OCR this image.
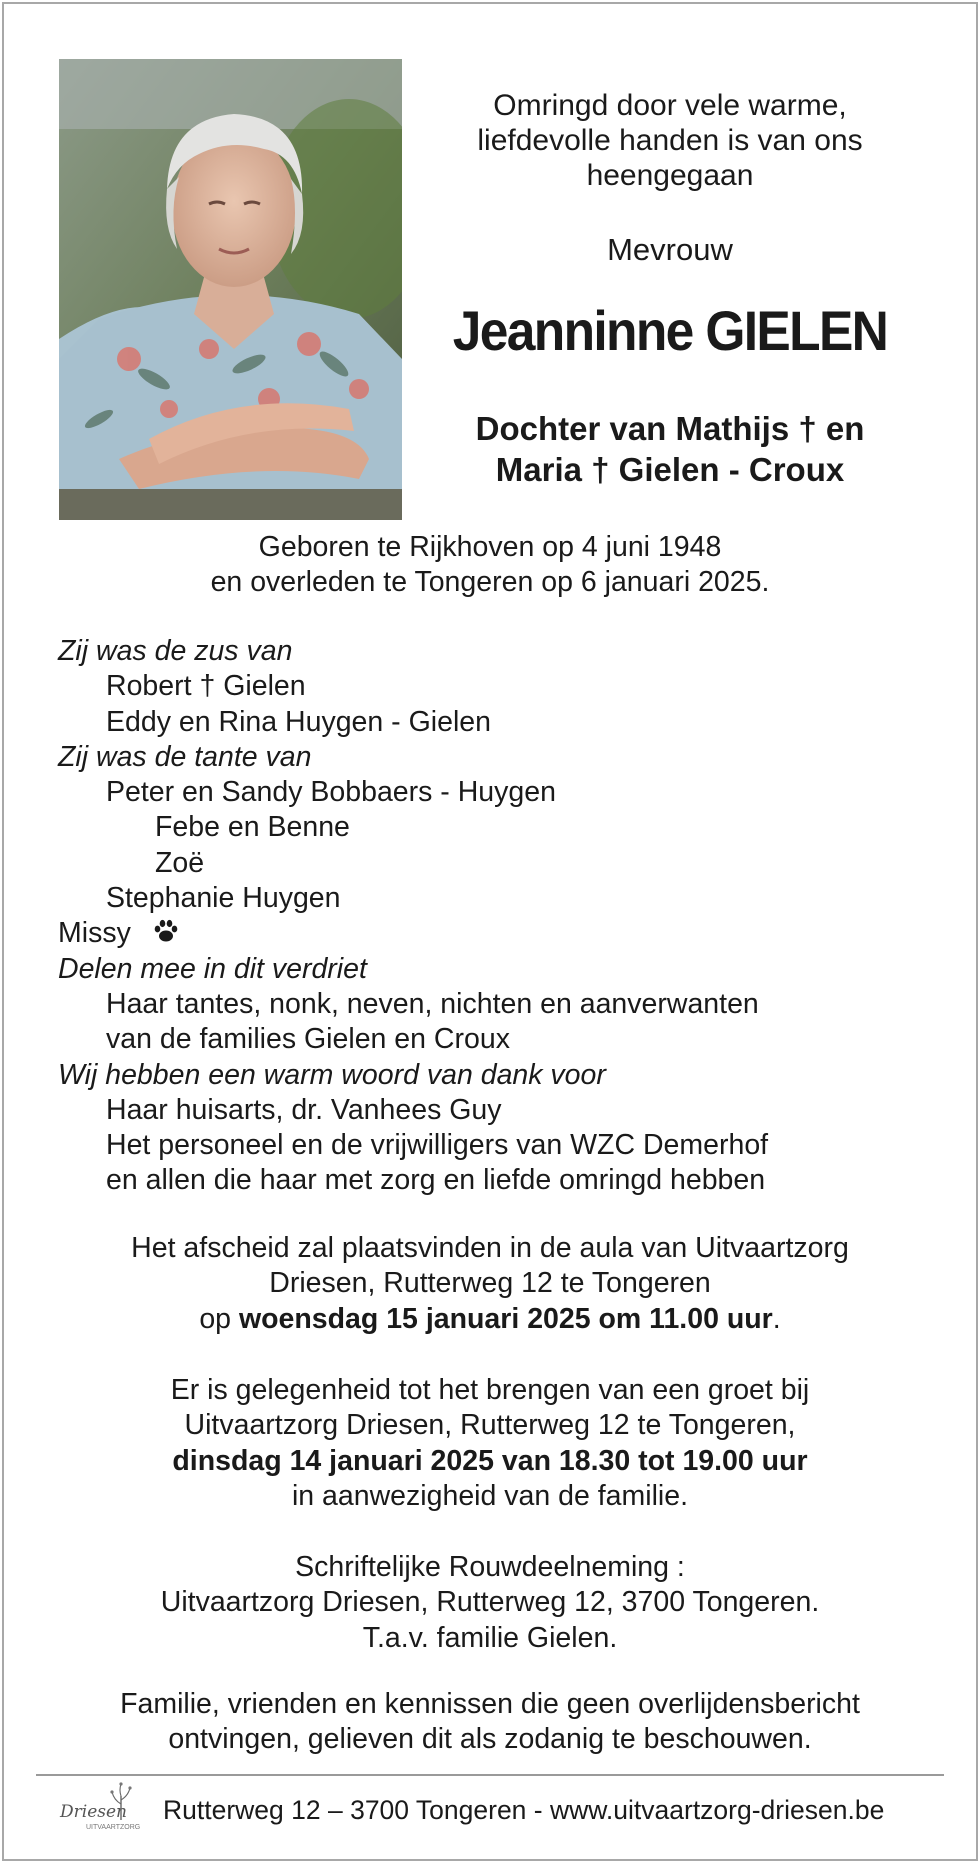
Omringd door vele warme,
liefdevolle handen is van ons
heengegaan
Mevrouw
Jeanninne GIELEN
Dochter van Mathijs † en
Maria † Gielen - Croux
Geboren te Rijkhoven op 4 juni 1948
en overleden te Tongeren op 6 januari 2025.
Zij was de zus van
Robert † Gielen
Eddy en Rina Huygen - Gielen
Zij was de tante van
Peter en Sandy Bobbaers - Huygen
Febe en Benne
Zoë
Stephanie Huygen
Missy
Delen mee in dit verdriet
Haar tantes, nonk, neven, nichten en aanverwanten
van de families Gielen en Croux
Wij hebben een warm woord van dank voor
Haar huisarts, dr. Vanhees Guy
Het personeel en de vrijwilligers van WZC Demerhof
en allen die haar met zorg en liefde omringd hebben
Het afscheid zal plaatsvinden in de aula van Uitvaartzorg
Driesen, Rutterweg 12 te Tongeren
op woensdag 15 januari 2025 om 11.00 uur.
Er is gelegenheid tot het brengen van een groet bij
Uitvaartzorg Driesen, Rutterweg 12 te Tongeren,
dinsdag 14 januari 2025 van 18.30 tot 19.00 uur
in aanwezigheid van de familie.
Schriftelijke Rouwdeelneming :
Uitvaartzorg Driesen, Rutterweg 12, 3700 Tongeren.
T.a.v. familie Gielen.
Familie, vrienden en kennissen die geen overlijdensbericht
ontvingen, gelieven dit als zodanig te beschouwen.
Driesen
UITVAARTZORG
Rutterweg 12 – 3700 Tongeren - www.uitvaartzorg-driesen.be
